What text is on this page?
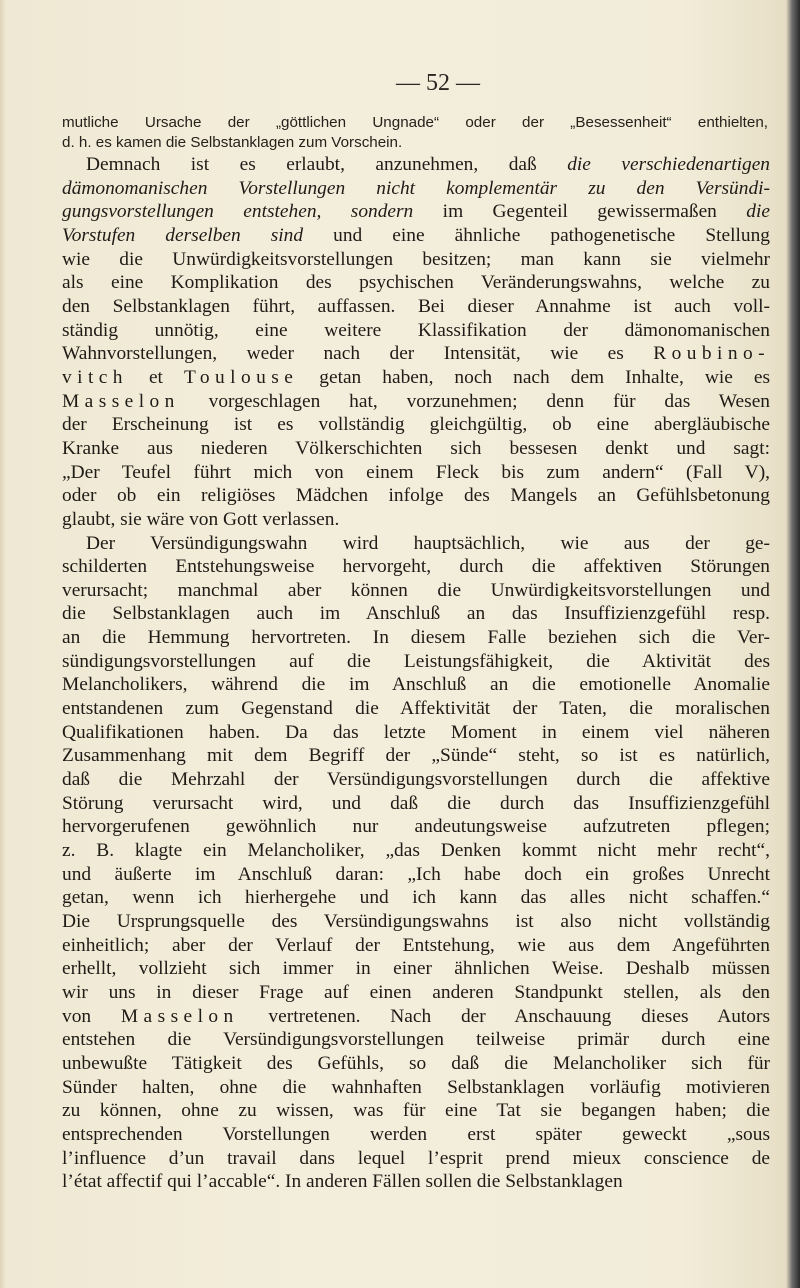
— 52 —
mutliche Ursache der „göttlichen Ungnade“ oder der „Besessenheit“ enthielten,
d. h. es kamen die Selbstanklagen zum Vorschein.
Demnach ist es erlaubt, anzunehmen, daß die verschiedenartigen
dämonomanischen Vorstellungen nicht komplementär zu den Versündi-
gungsvorstellungen entstehen, sondern im Gegenteil gewissermaßen die
Vorstufen derselben sind und eine ähnliche pathogenetische Stellung
wie die Unwürdigkeitsvorstellungen besitzen; man kann sie vielmehr
als eine Komplikation des psychischen Veränderungswahns, welche zu
den Selbstanklagen führt, auffassen. Bei dieser Annahme ist auch voll-
ständig unnötig, eine weitere Klassifikation der dämonomanischen
Wahnvorstellungen, weder nach der Intensität, wie es Roubino-
vitch et Toulouse getan haben, noch nach dem Inhalte, wie es
Masselon vorgeschlagen hat, vorzunehmen; denn für das Wesen
der Erscheinung ist es vollständig gleichgültig, ob eine abergläubische
Kranke aus niederen Völkerschichten sich bessesen denkt und sagt:
„Der Teufel führt mich von einem Fleck bis zum andern“ (Fall V),
oder ob ein religiöses Mädchen infolge des Mangels an Gefühlsbetonung
glaubt, sie wäre von Gott verlassen.
Der Versündigungswahn wird hauptsächlich, wie aus der ge-
schilderten Entstehungsweise hervorgeht, durch die affektiven Störungen
verursacht; manchmal aber können die Unwürdigkeitsvorstellungen und
die Selbstanklagen auch im Anschluß an das Insuffizienzgefühl resp.
an die Hemmung hervortreten. In diesem Falle beziehen sich die Ver-
sündigungsvorstellungen auf die Leistungsfähigkeit, die Aktivität des
Melancholikers, während die im Anschluß an die emotionelle Anomalie
entstandenen zum Gegenstand die Affektivität der Taten, die moralischen
Qualifikationen haben. Da das letzte Moment in einem viel näheren
Zusammenhang mit dem Begriff der „Sünde“ steht, so ist es natürlich,
daß die Mehrzahl der Versündigungsvorstellungen durch die affektive
Störung verursacht wird, und daß die durch das Insuffizienzgefühl
hervorgerufenen gewöhnlich nur andeutungsweise aufzutreten pflegen;
z. B. klagte ein Melancholiker, „das Denken kommt nicht mehr recht“,
und äußerte im Anschluß daran: „Ich habe doch ein großes Unrecht
getan, wenn ich hierhergehe und ich kann das alles nicht schaffen.“
Die Ursprungsquelle des Versündigungswahns ist also nicht vollständig
einheitlich; aber der Verlauf der Entstehung, wie aus dem Angeführten
erhellt, vollzieht sich immer in einer ähnlichen Weise. Deshalb müssen
wir uns in dieser Frage auf einen anderen Standpunkt stellen, als den
von Masselon vertretenen. Nach der Anschauung dieses Autors
entstehen die Versündigungsvorstellungen teilweise primär durch eine
unbewußte Tätigkeit des Gefühls, so daß die Melancholiker sich für
Sünder halten, ohne die wahnhaften Selbstanklagen vorläufig motivieren
zu können, ohne zu wissen, was für eine Tat sie begangen haben; die
entsprechenden Vorstellungen werden erst später geweckt „sous
l’influence d’un travail dans lequel l’esprit prend mieux conscience de
l’état affectif qui l’accable“. In anderen Fällen sollen die Selbstanklagen
